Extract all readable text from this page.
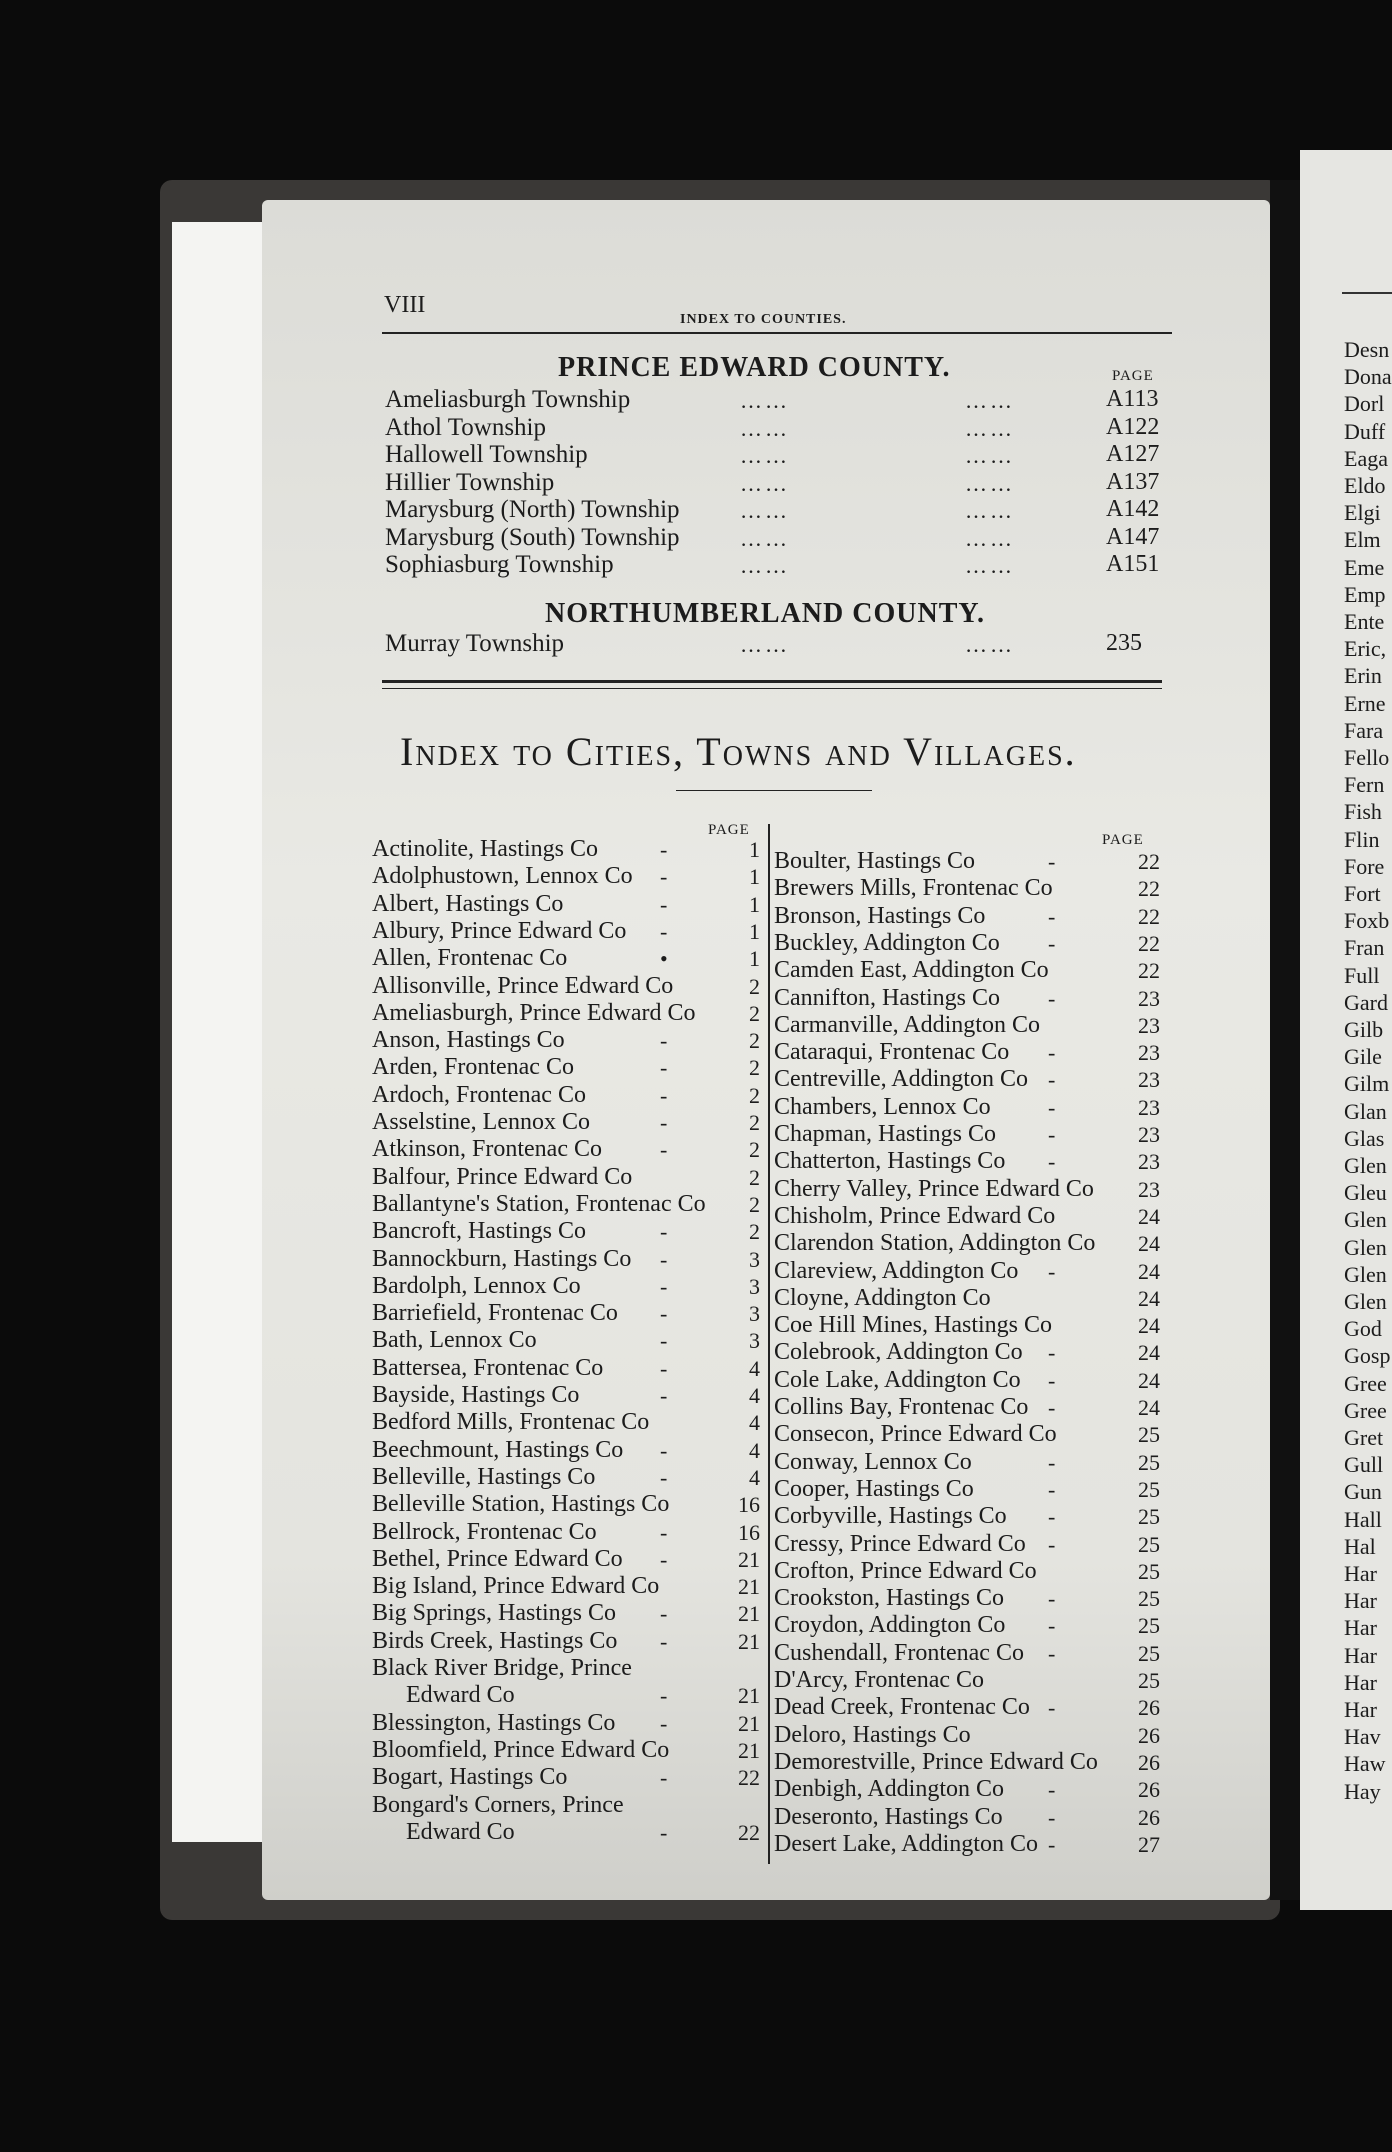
Desn
Dona
Dorl
Duff
Eaga
Eldo
Elgi
Elm
Eme
Emp
Ente
Eric,
Erin
Erne
Fara
Fello
Fern
Fish
Flin
Fore
Fort
Foxb
Fran
Full
Gard
Gilb
Gile
Gilm
Glan
Glas
Glen
Gleu
Glen
Glen
Glen
Glen
God
Gosp
Gree
Gree
Gret
Gull
Gun
Hall
Hal
Har
Har
Har
Har
Har
Har
Hav
Haw
Hay
VIII
INDEX TO COUNTIES.
PRINCE EDWARD COUNTY.	PAGE
Ameliasburgh Township	……	……	A113
Athol Township	……	……	A122
Hallowell Township	……	……	A127
Hillier Township	……	……	A137
Marysburg (North) Township	……	……	A142
Marysburg (South) Township	……	……	A147
Sophiasburg Township	……	……	A151
NORTHUMBERLAND COUNTY.
Murray Township	……	……	235
Index to Cities, Towns and Villages.
PAGE
PAGE
Actinolite, Hastings Co	-	1
Adolphustown, Lennox Co -	1
Albert, Hastings Co	-	1
Albury, Prince Edward Co -	1
Allen, Frontenac Co	•	1
Allisonville, Prince Edward Co	2
Ameliasburgh, Prince Edward Co	2
Anson, Hastings Co	-	2
Arden, Frontenac Co	-	2
Ardoch, Frontenac Co	-	2
Asselstine, Lennox Co	-	2
Atkinson, Frontenac Co	-	2
Balfour, Prince Edward Co	2
Ballantyne's Station, Frontenac Co	2
Bancroft, Hastings Co	-	2
Bannockburn, Hastings Co -	3
Bardolph, Lennox Co	-	3
Barriefield, Frontenac Co -	3
Bath, Lennox Co	-	3
Battersea, Frontenac Co	-	4
Bayside, Hastings Co	-	4
Bedford Mills, Frontenac Co	4
Beechmount, Hastings Co -	4
Belleville, Hastings Co	-	4
Belleville Station, Hastings Co	16
Bellrock, Frontenac Co	-	16
Bethel, Prince Edward Co -	21
Big Island, Prince Edward Co	21
Big Springs, Hastings Co -	21
Birds Creek, Hastings Co -	21
Black River Bridge, Prince
Edward Co	-	21
Blessington, Hastings Co -	21
Bloomfield, Prince Edward Co	21
Bogart, Hastings Co	-	22
Bongard's Corners, Prince
Edward Co	-	22
Boulter, Hastings Co	-	22
Brewers Mills, Frontenac Co	22
Bronson, Hastings Co	-	22
Buckley, Addington Co -	22
Camden East, Addington Co	22
Cannifton, Hastings Co -	23
Carmanville, Addington Co	23
Cataraqui, Frontenac Co -	23
Centreville, Addington Co -	23
Chambers, Lennox Co	-	23
Chapman, Hastings Co -	23
Chatterton, Hastings Co -	23
Cherry Valley, Prince Edward Co	23
Chisholm, Prince Edward Co	24
Clarendon Station, Addington Co	24
Clareview, Addington Co -	24
Cloyne, Addington Co	24
Coe Hill Mines, Hastings Co	24
Colebrook, Addington Co -	24
Cole Lake, Addington Co -	24
Collins Bay, Frontenac Co -	24
Consecon, Prince Edward Co	25
Conway, Lennox Co	-	25
Cooper, Hastings Co	-	25
Corbyville, Hastings Co -	25
Cressy, Prince Edward Co -	25
Crofton, Prince Edward Co	25
Crookston, Hastings Co -	25
Croydon, Addington Co -	25
Cushendall, Frontenac Co -	25
D'Arcy, Frontenac Co	25
Dead Creek, Frontenac Co -	26
Deloro, Hastings Co	26
Demorestville, Prince Edward Co	26
Denbigh, Addington Co -	26
Deseronto, Hastings Co -	26
Desert Lake, Addington Co -	27
